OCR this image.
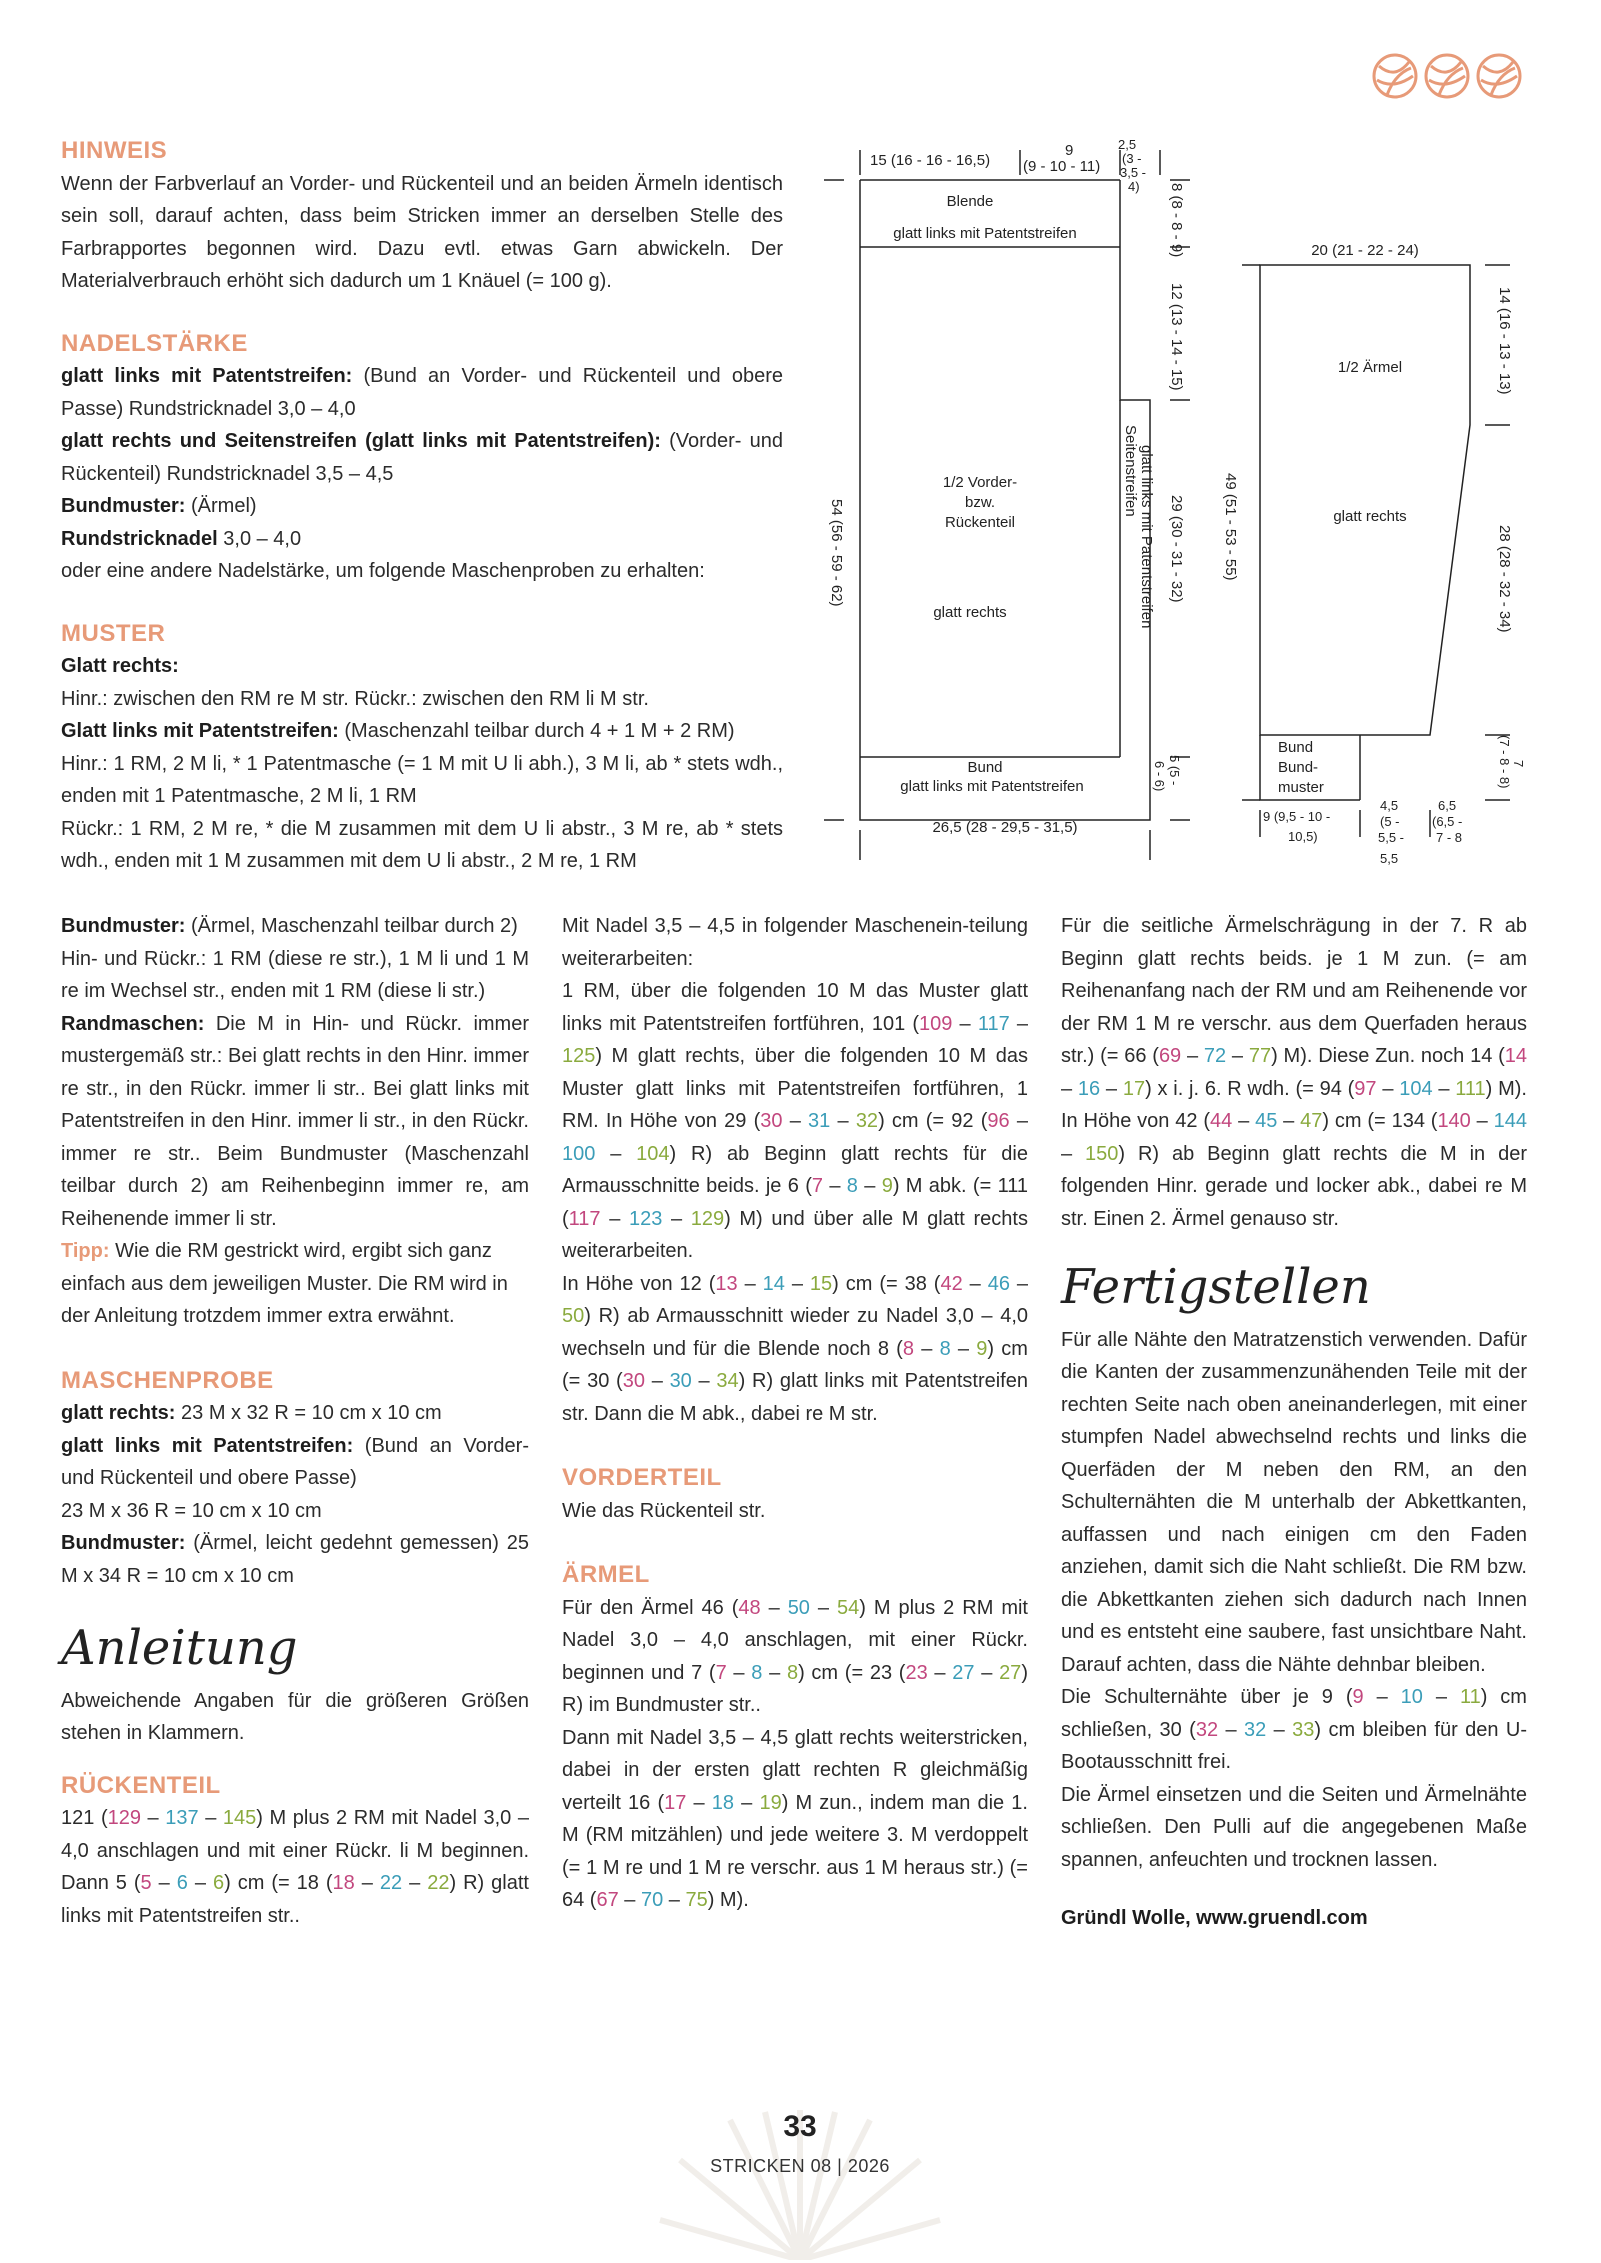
HINWEIS

Wenn der Farbverlauf an Vorder- und Rückenteil und an beiden Ärmeln identisch sein soll, darauf achten, dass beim Stricken immer an derselben Stelle des Farbrapportes begonnen wird. Dazu evtl. etwas Garn abwickeln. Der Materialverbrauch erhöht sich dadurch um 1 Knäuel (= 100 g).

NADELSTÄRKE

glatt links mit Patentstreifen: (Bund an Vorder- und Rückenteil und obere Passe) Rundstricknadel 3,0 – 4,0

glatt rechts und Seitenstreifen (glatt links mit Patentstreifen): (Vorder- und Rückenteil) Rundstricknadel 3,5 – 4,5

Bundmuster: (Ärmel)

Rundstricknadel 3,0 – 4,0

oder eine andere Nadelstärke, um folgende Maschenproben zu erhalten:

MUSTER

Glatt rechts:

Hinr.: zwischen den RM re M str. Rückr.: zwischen den RM li M str.

Glatt links mit Patentstreifen: (Maschenzahl teilbar durch 4 + 1 M + 2 RM)

Hinr.: 1 RM, 2 M li, * 1 Patentmasche (= 1 M mit U li abh.), 3 M li, ab * stets wdh., enden mit 1 Patentmasche, 2 M li, 1 RM

Rückr.: 1 RM, 2 M re, * die M zusammen mit dem U li abstr., 3 M re, ab * stets wdh., enden mit 1 M zusammen mit dem U li abstr., 2 M re, 1 RM

15 (16 - 16 - 16,5)
9
(9 - 10 - 11)
2,5
(3 -
3,5 -
4)
Blende
glatt links mit Patentstreifen	8 (8 - 8 - 9)
12 (13 - 14 - 15)
1/2 Vorder-
bzw.
Rückenteil
glatt rechts
Seitenstreifen glatt links mit Patentstreifen 29 (30 - 31 - 32)
54 (56 - 59 - 62)
Bund
glatt links mit Patentstreifen
5 (5 -
6 - 6)
26,5 (28 - 29,5 - 31,5)
20 (21 - 22 - 24)
14 (16 - 13 - 13)
1/2 Ärmel
glatt rechts
49 (51 - 53 - 55)	28 (28 - 32 - 34)
Bund
Bund-
muster
7
(7 - 8 - 8)
9 (9,5 - 10 -
10,5)
4,5
(5 -
5,5 -
5,5
6,5
(6,5 -
7 - 8

Bundmuster: (Ärmel, Maschenzahl teilbar durch 2)

Hin- und Rückr.: 1 RM (diese re str.), 1 M li und 1 M re im Wechsel str., enden mit 1 RM (diese li str.)

Randmaschen: Die M in Hin- und Rückr. immer mustergemäß str.: Bei glatt rechts in den Hinr. immer re str., in den Rückr. immer li str.. Bei glatt links mit Patentstreifen in den Hinr. immer li str., in den Rückr. immer re str.. Beim Bundmuster (Maschenzahl teilbar durch 2) am Reihenbeginn immer re, am Reihenende immer li str.

Tipp: Wie die RM gestrickt wird, ergibt sich ganz einfach aus dem jeweiligen Muster. Die RM wird in der Anleitung trotzdem immer extra erwähnt.

MASCHENPROBE

glatt rechts: 23 M x 32 R = 10 cm x 10 cm

glatt links mit Patentstreifen: (Bund an Vorder- und Rückenteil und obere Passe)

23 M x 36 R = 10 cm x 10 cm

Bundmuster: (Ärmel, leicht gedehnt gemessen) 25 M x 34 R = 10 cm x 10 cm

Anleitung

Abweichende Angaben für die größeren Größen stehen in Klammern.

RÜCKENTEIL

121 (129 – 137 – 145) M plus 2 RM mit Nadel 3,0 – 4,0 anschlagen und mit einer Rückr. li M beginnen. Dann 5 (5 – 6 – 6) cm (= 18 (18 – 22 – 22) R) glatt links mit Patentstreifen str..

Mit Nadel 3,5 – 4,5 in folgender Maschenein-teilung weiterarbeiten:

1 RM, über die folgenden 10 M das Muster glatt links mit Patentstreifen fortführen, 101 (109 – 117 – 125) M glatt rechts, über die folgenden 10 M das Muster glatt links mit Patentstreifen fortführen, 1 RM. In Höhe von 29 (30 – 31 – 32) cm (= 92 (96 – 100 – 104) R) ab Beginn glatt rechts für die Armausschnitte beids. je 6 (7 – 8 – 9) M abk. (= 111 (117 – 123 – 129) M) und über alle M glatt rechts weiterarbeiten.

In Höhe von 12 (13 – 14 – 15) cm (= 38 (42 – 46 – 50) R) ab Armausschnitt wieder zu Nadel 3,0 – 4,0 wechseln und für die Blende noch 8 (8 – 8 – 9) cm (= 30 (30 – 30 – 34) R) glatt links mit Patentstreifen str. Dann die M abk., dabei re M str.

VORDERTEIL

Wie das Rückenteil str.

ÄRMEL

Für den Ärmel 46 (48 – 50 – 54) M plus 2 RM mit Nadel 3,0 – 4,0 anschlagen, mit einer Rückr. beginnen und 7 (7 – 8 – 8) cm (= 23 (23 – 27 – 27) R) im Bundmuster str..

Dann mit Nadel 3,5 – 4,5 glatt rechts weiterstricken, dabei in der ersten glatt rechten R gleichmäßig verteilt 16 (17 – 18 – 19) M zun., indem man die 1. M (RM mitzählen) und jede weitere 3. M verdoppelt (= 1 M re und 1 M re verschr. aus 1 M heraus str.) (= 64 (67 – 70 – 75) M).

Für die seitliche Ärmelschrägung in der 7. R ab Beginn glatt rechts beids. je 1 M zun. (= am Reihenanfang nach der RM und am Reihenende vor der RM 1 M re verschr. aus dem Querfaden heraus str.) (= 66 (69 – 72 – 77) M). Diese Zun. noch 14 (14 – 16 – 17) x i. j. 6. R wdh. (= 94 (97 – 104 – 111) M). In Höhe von 42 (44 – 45 – 47) cm (= 134 (140 – 144 – 150) R) ab Beginn glatt rechts die M in der folgenden Hinr. gerade und locker abk., dabei re M str. Einen 2. Ärmel genauso str.

Fertigstellen

Für alle Nähte den Matratzenstich verwenden. Dafür die Kanten der zusammenzunähenden Teile mit der rechten Seite nach oben aneinanderlegen, mit einer stumpfen Nadel abwechselnd rechts und links die Querfäden der M neben den RM, an den Schulternähten die M unterhalb der Abkettkanten, auffassen und nach einigen cm den Faden anziehen, damit sich die Naht schließt. Die RM bzw. die Abkettkanten ziehen sich dadurch nach Innen und es entsteht eine saubere, fast unsichtbare Naht. Darauf achten, dass die Nähte dehnbar bleiben.

Die Schulternähte über je 9 (9 – 10 – 11) cm schließen, 30 (32 – 32 – 33) cm bleiben für den U-Bootausschnitt frei.

Die Ärmel einsetzen und die Seiten und Ärmelnähte schließen. Den Pulli auf die angegebenen Maße spannen, anfeuchten und trocknen lassen.

Gründl Wolle, www.gruendl.com

33
STRICKEN 08 | 2026
